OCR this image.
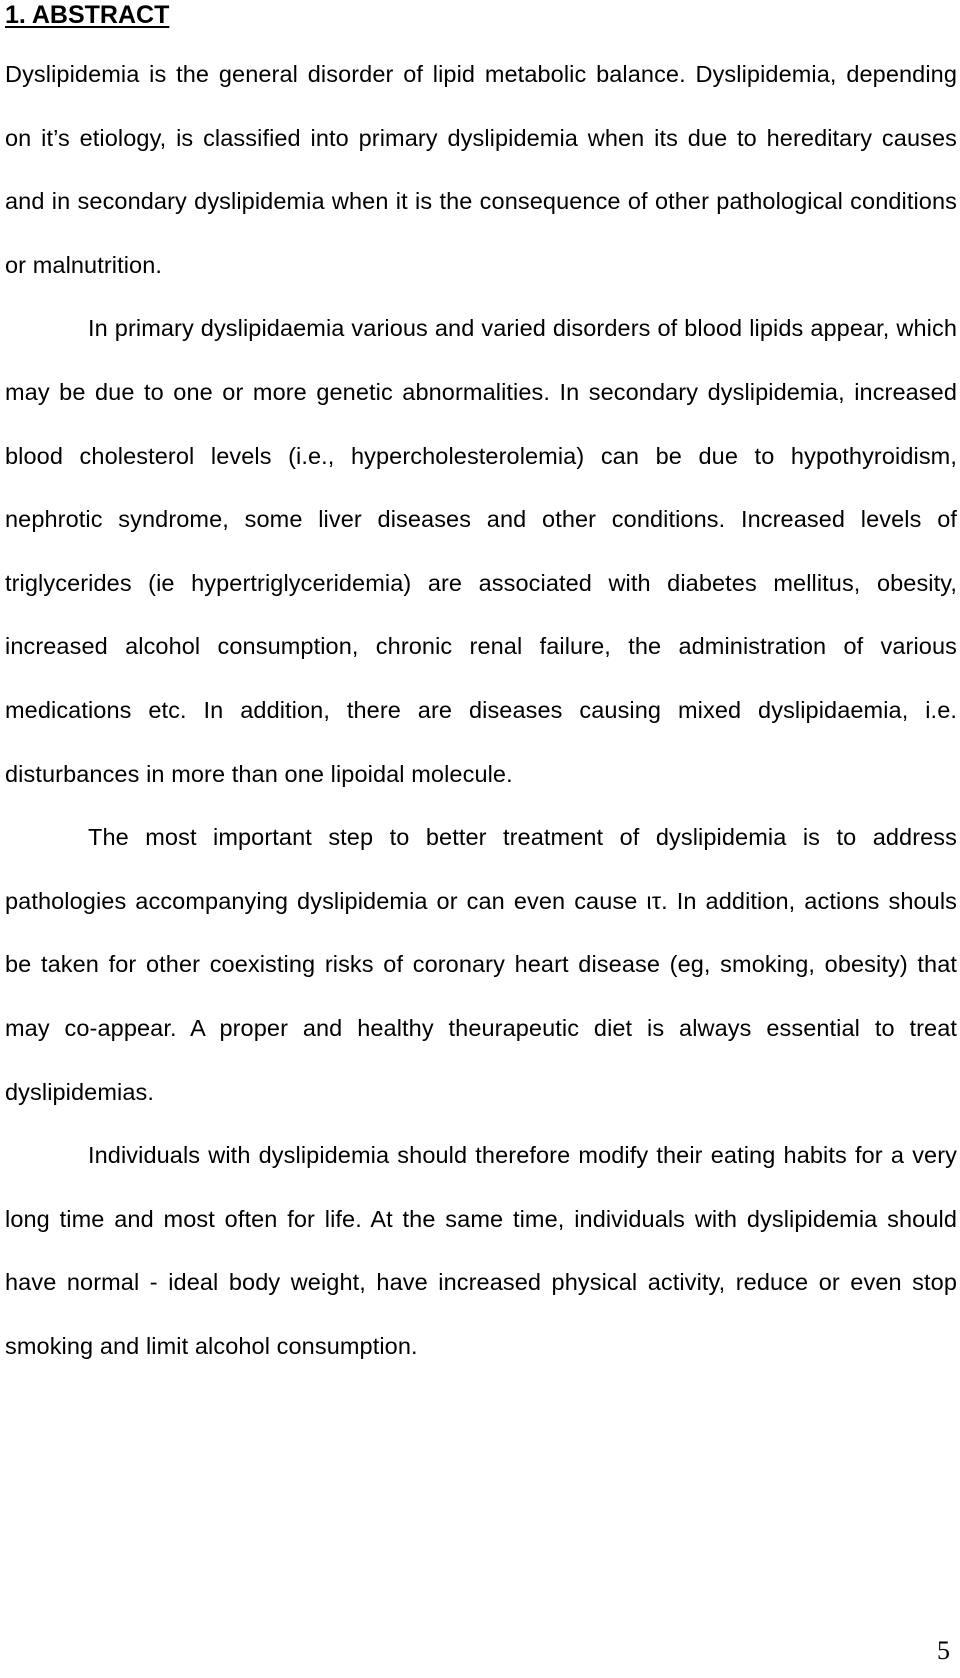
1. ABSTRACT

Dyslipidemia is the general disorder of lipid metabolic balance. Dyslipidemia, depending on it’s etiology, is classified into primary dyslipidemia when its due to hereditary causes and in secondary dyslipidemia when it is the consequence of other pathological conditions or malnutrition.

In primary dyslipidaemia various and varied disorders of blood lipids appear, which may be due to one or more genetic abnormalities. In secondary dyslipidemia, increased blood cholesterol levels (i.e., hypercholesterolemia) can be due to hypothyroidism, nephrotic syndrome, some liver diseases and other conditions. Increased levels of triglycerides (ie hypertriglyceridemia) are associated with diabetes mellitus, obesity, increased alcohol consumption, chronic renal failure, the administration of various medications etc. In addition, there are diseases causing mixed dyslipidaemia, i.e. disturbances in more than one lipoidal molecule.

The most important step to better treatment of dyslipidemia is to address pathologies accompanying dyslipidemia or can even cause ιτ. In addition, actions shouls be taken for other coexisting risks of coronary heart disease (eg, smoking, obesity) that may co-appear. A proper and healthy theurapeutic diet is always essential to treat dyslipidemias.

Individuals with dyslipidemia should therefore modify their eating habits for a very long time and most often for life. At the same time, individuals with dyslipidemia should have normal - ideal body weight, have increased physical activity, reduce or even stop smoking and limit alcohol consumption.

5
